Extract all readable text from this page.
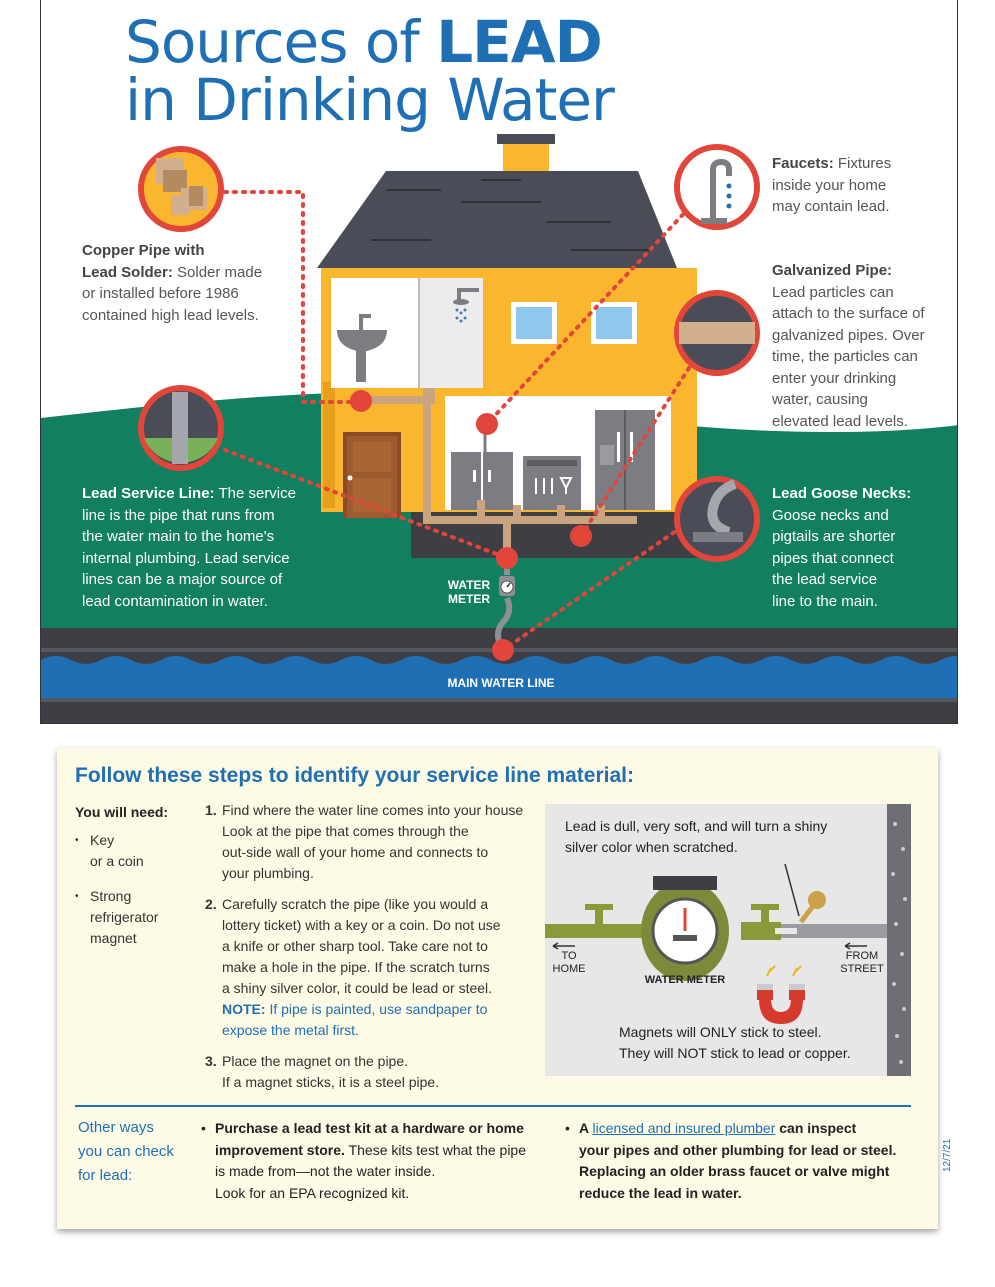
Sources of LEAD
in Drinking Water
Copper Pipe with
Lead Solder: Solder made
or installed before 1986
contained high lead levels.
Faucets: Fixtures
inside your home
may contain lead.
Galvanized Pipe:
Lead particles can
attach to the surface of
galvanized pipes. Over
time, the particles can
enter your drinking
water, causing
elevated lead levels.
Lead Service Line: The service
line is the pipe that runs from
the water main to the home's
internal plumbing. Lead service
lines can be a major source of
lead contamination in water.
Lead Goose Necks:
Goose necks and
pigtails are shorter
pipes that connect
the lead service
line to the main.
WATER
METER
MAIN WATER LINE
Follow these steps to identify your service line material:
You will need:
• Key
or a coin
• Strong
refrigerator
magnet
1. Find where the water line comes into your house
Look at the pipe that comes through the
out-side wall of your home and connects to
your plumbing.
2. Carefully scratch the pipe (like you would a
lottery ticket) with a key or a coin. Do not use
a knife or other sharp tool. Take care not to
make a hole in the pipe. If the scratch turns
a shiny silver color, it could be lead or steel.
NOTE: If pipe is painted, use sandpaper to
expose the metal first.
3. Place the magnet on the pipe.
If a magnet sticks, it is a steel pipe.
Lead is dull, very soft, and will turn a shiny
silver color when scratched.
TO
HOME
FROM
STREET
WATER METER
Magnets will ONLY stick to steel.
They will NOT stick to lead or copper.
Other ways
you can check
for lead:
• Purchase a lead test kit at a hardware or home
improvement store. These kits test what the pipe
is made from—not the water inside.
Look for an EPA recognized kit.
• A licensed and insured plumber can inspect
your pipes and other plumbing for lead or steel.
Replacing an older brass faucet or valve might
reduce the lead in water.
12/7/21
